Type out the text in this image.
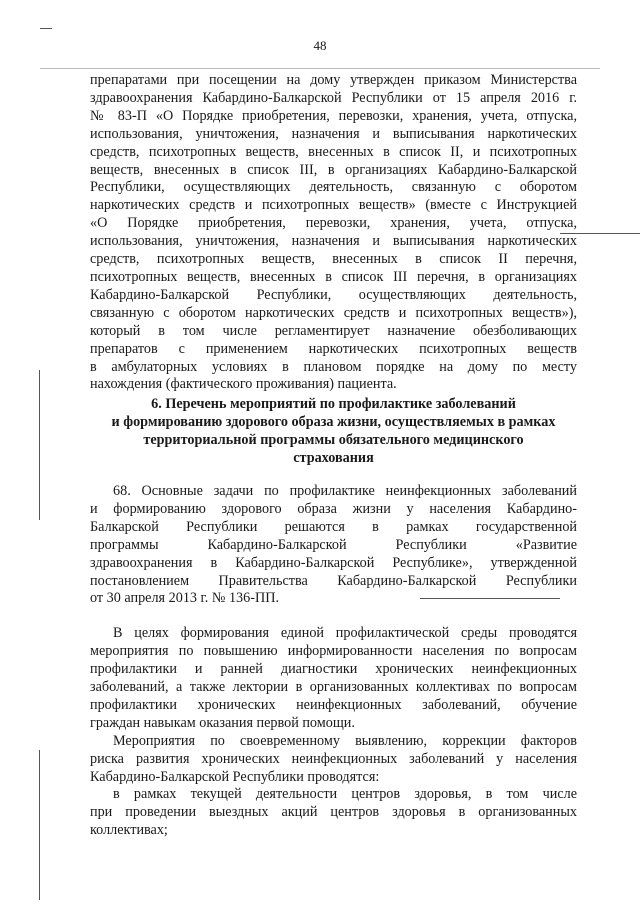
48
препаратами при посещении на дому утвержден приказом Министерства
здравоохранения Кабардино-Балкарской Республики от 15 апреля 2016 г.
№ 83-П «О Порядке приобретения, перевозки, хранения, учета, отпуска,
использования, уничтожения, назначения и выписывания наркотических
средств, психотропных веществ, внесенных в список II, и психотропных
веществ, внесенных в список III, в организациях Кабардино-Балкарской
Республики, осуществляющих деятельность, связанную с оборотом
наркотических средств и психотропных веществ» (вместе с Инструкцией
«О Порядке приобретения, перевозки, хранения, учета, отпуска,
использования, уничтожения, назначения и выписывания наркотических
средств, психотропных веществ, внесенных в список II перечня,
психотропных веществ, внесенных в список III перечня, в организациях
Кабардино-Балкарской Республики, осуществляющих деятельность,
связанную с оборотом наркотических средств и психотропных веществ»),
который в том числе регламентирует назначение обезболивающих
препаратов с применением наркотических психотропных веществ
в амбулаторных условиях в плановом порядке на дому по месту
нахождения (фактического проживания) пациента.
6. Перечень мероприятий по профилактике заболеваний
и формированию здорового образа жизни, осуществляемых в рамках
территориальной программы обязательного медицинского
страхования
68. Основные задачи по профилактике неинфекционных заболеваний
и формированию здорового образа жизни у населения Кабардино-
Балкарской Республики решаются в рамках государственной
программы Кабардино-Балкарской Республики «Развитие
здравоохранения в Кабардино-Балкарской Республике», утвержденной
постановлением Правительства Кабардино-Балкарской Республики
от 30 апреля 2013 г. № 136-ПП.
В целях формирования единой профилактической среды проводятся
мероприятия по повышению информированности населения по вопросам
профилактики и ранней диагностики хронических неинфекционных
заболеваний, а также лектории в организованных коллективах по вопросам
профилактики хронических неинфекционных заболеваний, обучение
граждан навыкам оказания первой помощи.
Мероприятия по своевременному выявлению, коррекции факторов
риска развития хронических неинфекционных заболеваний у населения
Кабардино-Балкарской Республики проводятся:
в рамках текущей деятельности центров здоровья, в том числе
при проведении выездных акций центров здоровья в организованных
коллективах;
